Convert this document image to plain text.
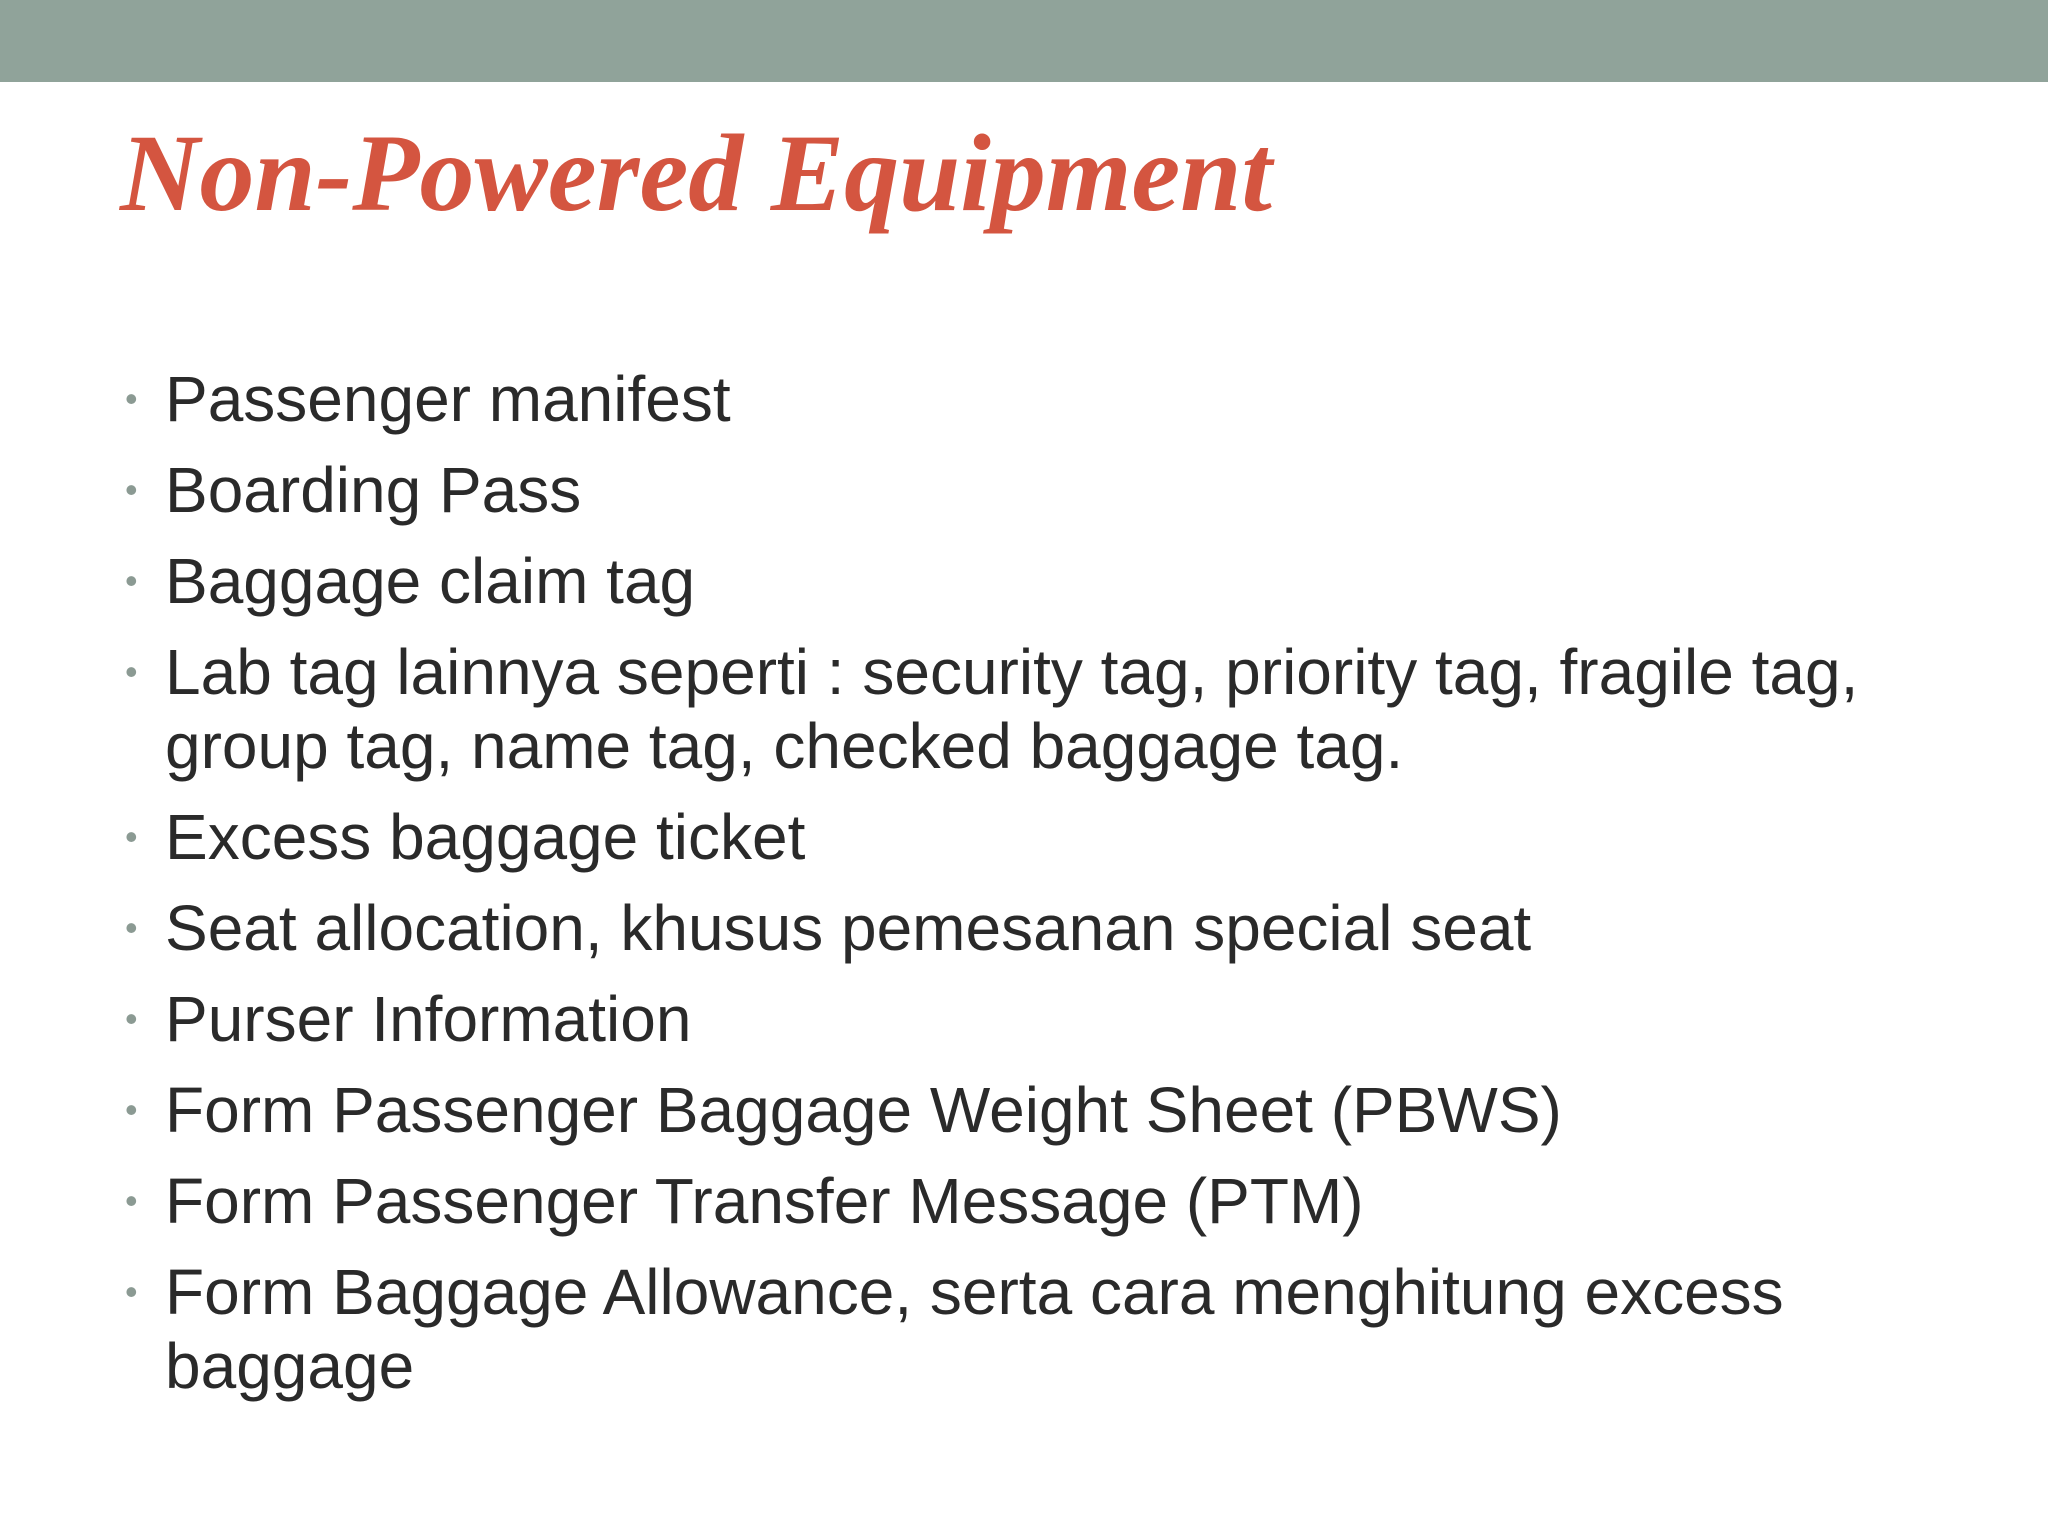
Non-Powered Equipment
• Passenger manifest
• Boarding Pass
• Baggage claim tag
• Lab tag lainnya seperti : security tag, priority tag, fragile tag, group tag, name tag, checked baggage tag.
• Excess baggage ticket
• Seat allocation, khusus pemesanan special seat
• Purser Information
• Form Passenger Baggage Weight Sheet (PBWS)
• Form Passenger Transfer Message (PTM)
• Form Baggage Allowance, serta cara menghitung excess baggage
